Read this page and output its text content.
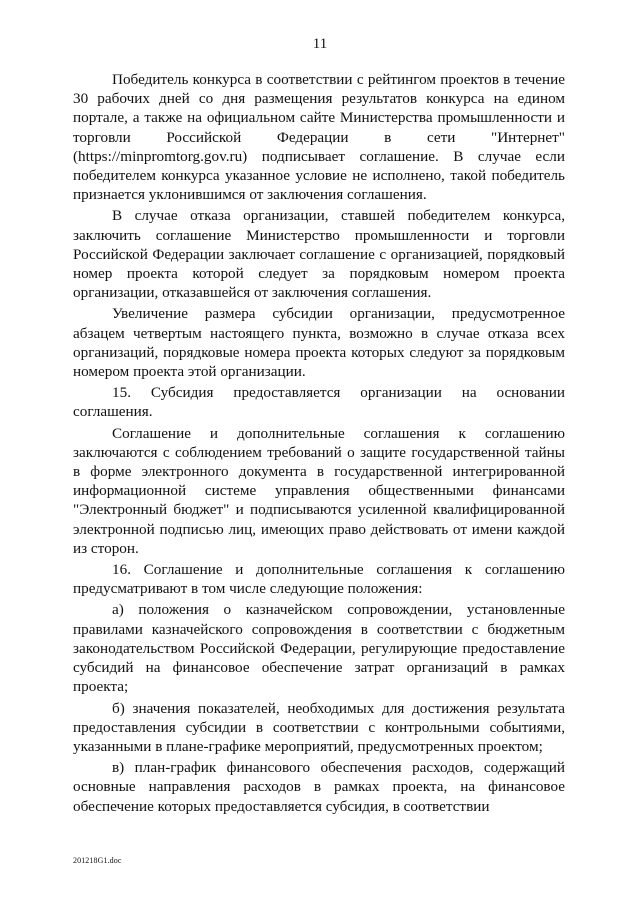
11

Победитель конкурса в соответствии с рейтингом проектов в течение 30 рабочих дней со дня размещения результатов конкурса на едином портале, а также на официальном сайте Министерства промышленности и торговли Российской Федерации в сети "Интернет" (https://minpromtorg.gov.ru) подписывает соглашение. В случае если победителем конкурса указанное условие не исполнено, такой победитель признается уклонившимся от заключения соглашения.

В случае отказа организации, ставшей победителем конкурса, заключить соглашение Министерство промышленности и торговли Российской Федерации заключает соглашение с организацией, порядковый номер проекта которой следует за порядковым номером проекта организации, отказавшейся от заключения соглашения.

Увеличение размера субсидии организации, предусмотренное абзацем четвертым настоящего пункта, возможно в случае отказа всех организаций, порядковые номера проекта которых следуют за порядковым номером проекта этой организации.

15. Субсидия предоставляется организации на основании соглашения.

Соглашение и дополнительные соглашения к соглашению заключаются с соблюдением требований о защите государственной тайны в форме электронного документа в государственной интегрированной информационной системе управления общественными финансами "Электронный бюджет" и подписываются усиленной квалифицированной электронной подписью лиц, имеющих право действовать от имени каждой из сторон.

16. Соглашение и дополнительные соглашения к соглашению предусматривают в том числе следующие положения:

а) положения о казначейском сопровождении, установленные правилами казначейского сопровождения в соответствии с бюджетным законодательством Российской Федерации, регулирующие предоставление субсидий на финансовое обеспечение затрат организаций в рамках проекта;

б) значения показателей, необходимых для достижения результата предоставления субсидии в соответствии с контрольными событиями, указанными в плане-графике мероприятий, предусмотренных проектом;

в) план-график финансового обеспечения расходов, содержащий основные направления расходов в рамках проекта, на финансовое обеспечение которых предоставляется субсидия, в соответствии

201218G1.doc
